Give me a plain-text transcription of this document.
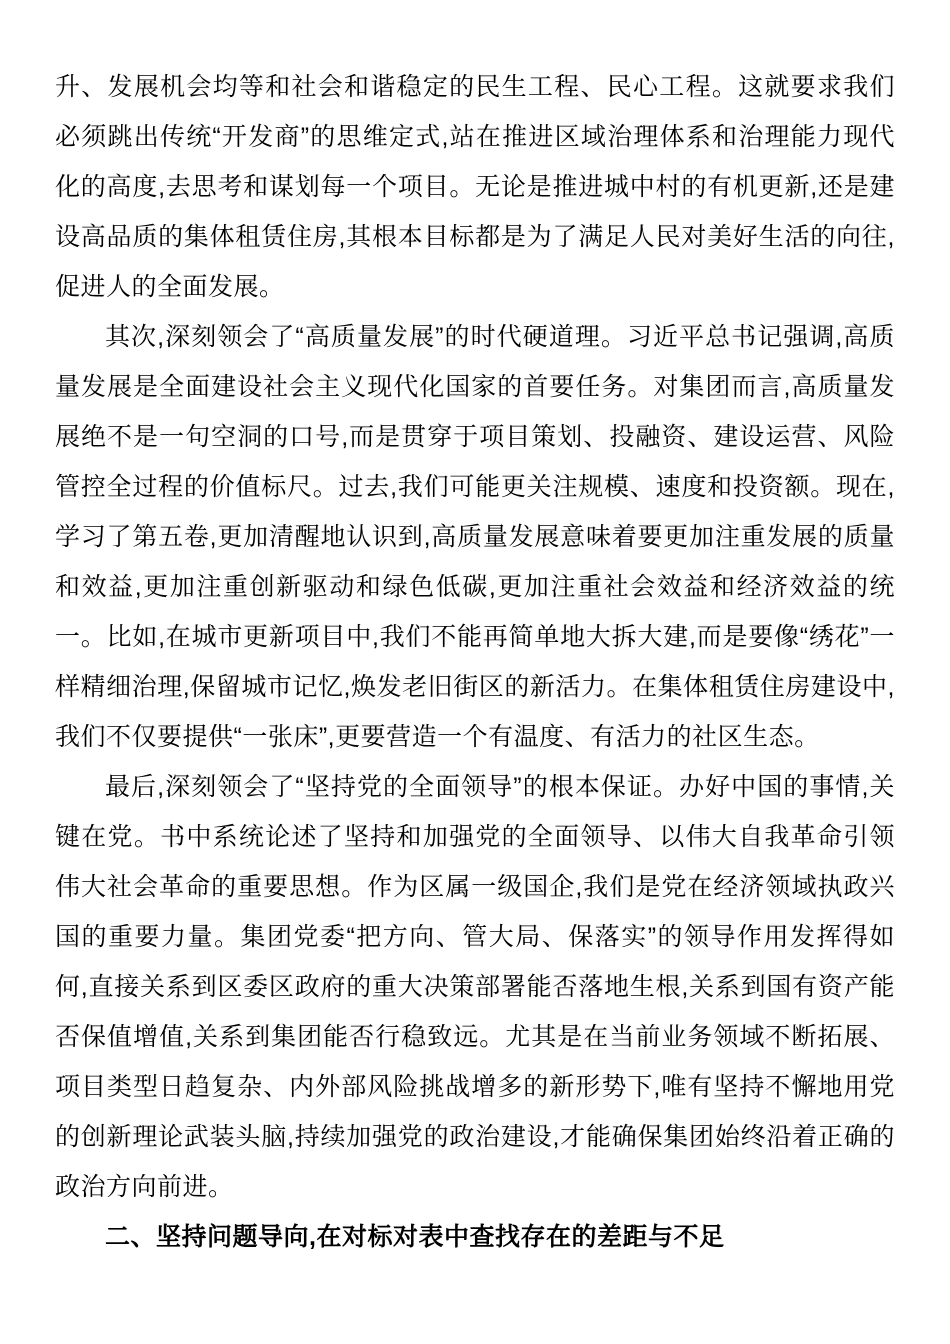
升、发展机会均等和社会和谐稳定的民生工程、民心工程。这就要求我们必须跳出传统“开发商”的思维定式,站在推进区域治理体系和治理能力现代化的高度,去思考和谋划每一个项目。无论是推进城中村的有机更新,还是建设高品质的集体租赁住房,其根本目标都是为了满足人民对美好生活的向往,促进人的全面发展。

其次,深刻领会了“高质量发展”的时代硬道理。习近平总书记强调,高质量发展是全面建设社会主义现代化国家的首要任务。对集团而言,高质量发展绝不是一句空洞的口号,而是贯穿于项目策划、投融资、建设运营、风险管控全过程的价值标尺。过去,我们可能更关注规模、速度和投资额。现在,学习了第五卷,更加清醒地认识到,高质量发展意味着要更加注重发展的质量和效益,更加注重创新驱动和绿色低碳,更加注重社会效益和经济效益的统一。比如,在城市更新项目中,我们不能再简单地大拆大建,而是要像“绣花”一样精细治理,保留城市记忆,焕发老旧街区的新活力。在集体租赁住房建设中,我们不仅要提供“一张床”,更要营造一个有温度、有活力的社区生态。

最后,深刻领会了“坚持党的全面领导”的根本保证。办好中国的事情,关键在党。书中系统论述了坚持和加强党的全面领导、以伟大自我革命引领伟大社会革命的重要思想。作为区属一级国企,我们是党在经济领域执政兴国的重要力量。集团党委“把方向、管大局、保落实”的领导作用发挥得如何,直接关系到区委区政府的重大决策部署能否落地生根,关系到国有资产能否保值增值,关系到集团能否行稳致远。尤其是在当前业务领域不断拓展、项目类型日趋复杂、内外部风险挑战增多的新形势下,唯有坚持不懈地用党的创新理论武装头脑,持续加强党的政治建设,才能确保集团始终沿着正确的政治方向前进。

二、坚持问题导向,在对标对表中查找存在的差距与不足
